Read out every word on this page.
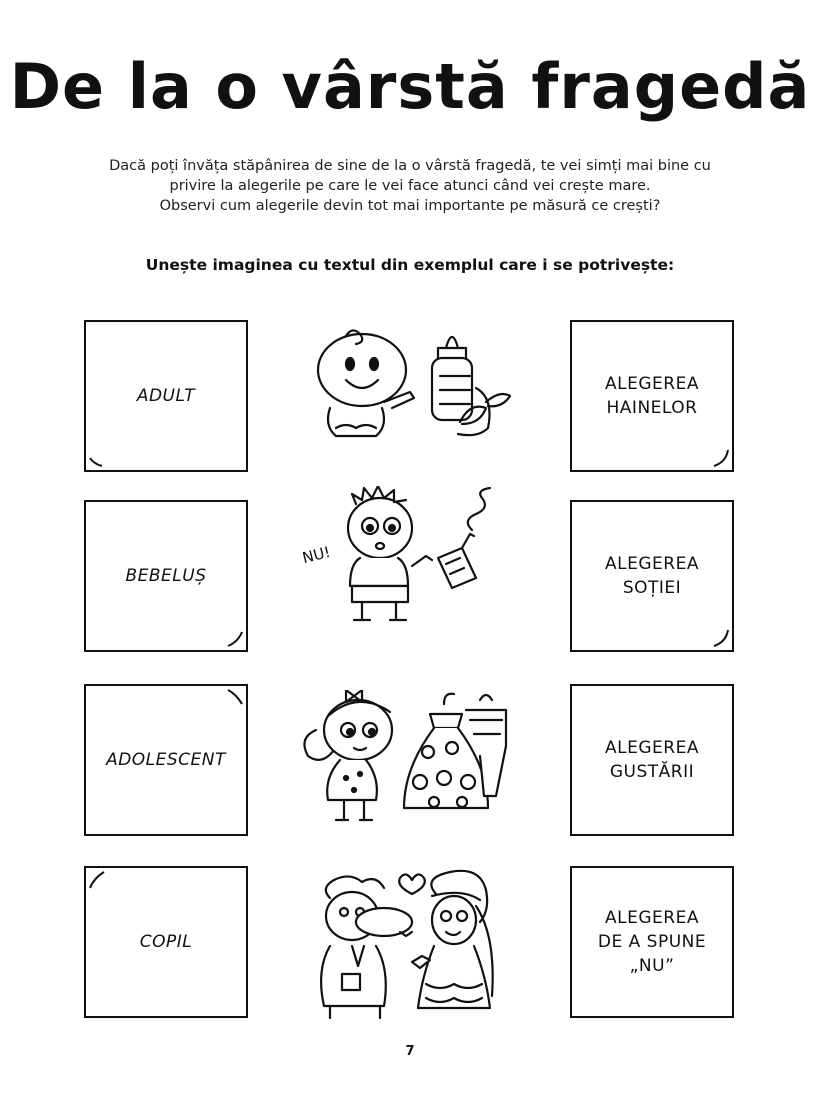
De la o vârstă fragedă
Dacă poți învăța stăpânirea de sine de la o vârstă fragedă, te vei simți mai bine cu
privire la alegerile pe care le vei face atunci când vei crește mare.
Observi cum alegerile devin tot mai importante pe măsură ce crești?
Unește imaginea cu textul din exemplul care i se potrivește:
ADULT
BEBELUȘ
ADOLESCENT
COPIL
ALEGEREA
HAINELOR
ALEGEREA
SOȚIEI
ALEGEREA
GUSTĂRII
ALEGEREA
DE A SPUNE
„NU”
NU!
7
